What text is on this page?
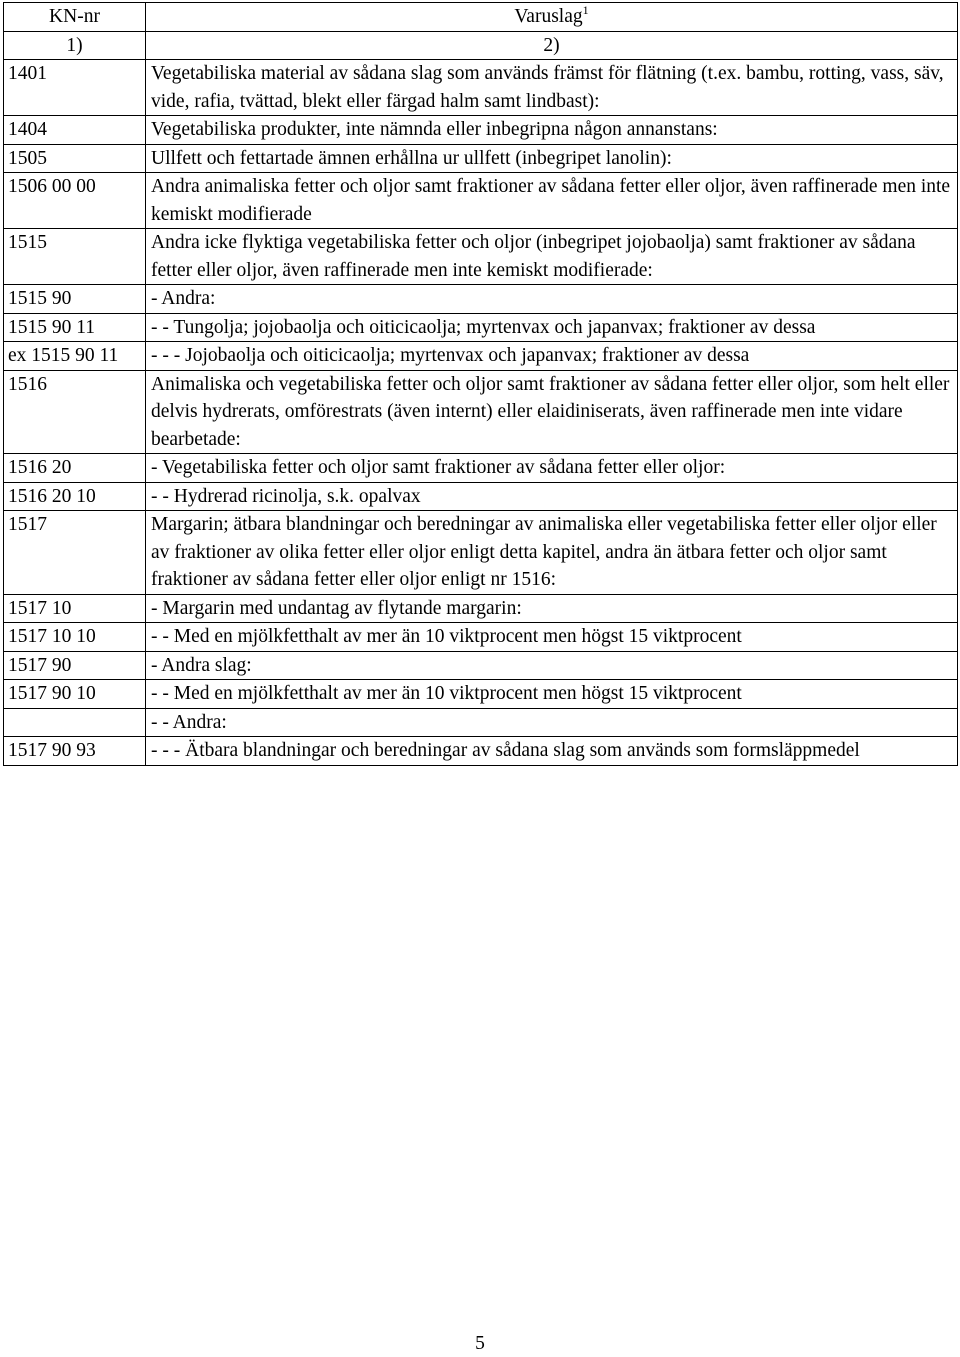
KN-nr	Varuslag$^1$
1)	2)
1401	Vegetabiliska material av sådana slag som används främst för flätning (t.ex. bambu, rotting, vass, säv, vide, rafia, tvättad, blekt eller färgad halm samt lindbast):
1404	Vegetabiliska produkter, inte nämnda eller inbegripna någon annanstans:
1505	Ullfett och fettartade ämnen erhållna ur ullfett (inbegripet lanolin):
1506 00 00	Andra animaliska fetter och oljor samt fraktioner av sådana fetter eller oljor, även raffinerade men inte kemiskt modifierade
1515	Andra icke flyktiga vegetabiliska fetter och oljor (inbegripet jojobaolja) samt fraktioner av sådana fetter eller oljor, även raffinerade men inte kemiskt modifierade:
1515 90	- Andra:
1515 90 11	- - Tungolja; jojobaolja och oiticicaolja; myrtenvax och japanvax; fraktioner av dessa
ex 1515 90 11	- - - Jojobaolja och oiticicaolja; myrtenvax och japanvax; fraktioner av dessa
1516	Animaliska och vegetabiliska fetter och oljor samt fraktioner av sådana fetter eller oljor, som helt eller delvis hydrerats, omförestrats (även internt) eller elaidiniserats, även raffinerade men inte vidare bearbetade:
1516 20	- Vegetabiliska fetter och oljor samt fraktioner av sådana fetter eller oljor:
1516 20 10	- - Hydrerad ricinolja, s.k. opalvax
1517	Margarin; ätbara blandningar och beredningar av animaliska eller vegetabiliska fetter eller oljor eller av fraktioner av olika fetter eller oljor enligt detta kapitel, andra än ätbara fetter och oljor samt fraktioner av sådana fetter eller oljor enligt nr 1516:
1517 10	- Margarin med undantag av flytande margarin:
1517 10 10	- - Med en mjölkfetthalt av mer än 10 viktprocent men högst 15 viktprocent
1517 90	- Andra slag:
1517 90 10	- - Med en mjölkfetthalt av mer än 10 viktprocent men högst 15 viktprocent
	- - Andra:
1517 90 93	- - - Ätbara blandningar och beredningar av sådana slag som används som formsläppmedel
5
